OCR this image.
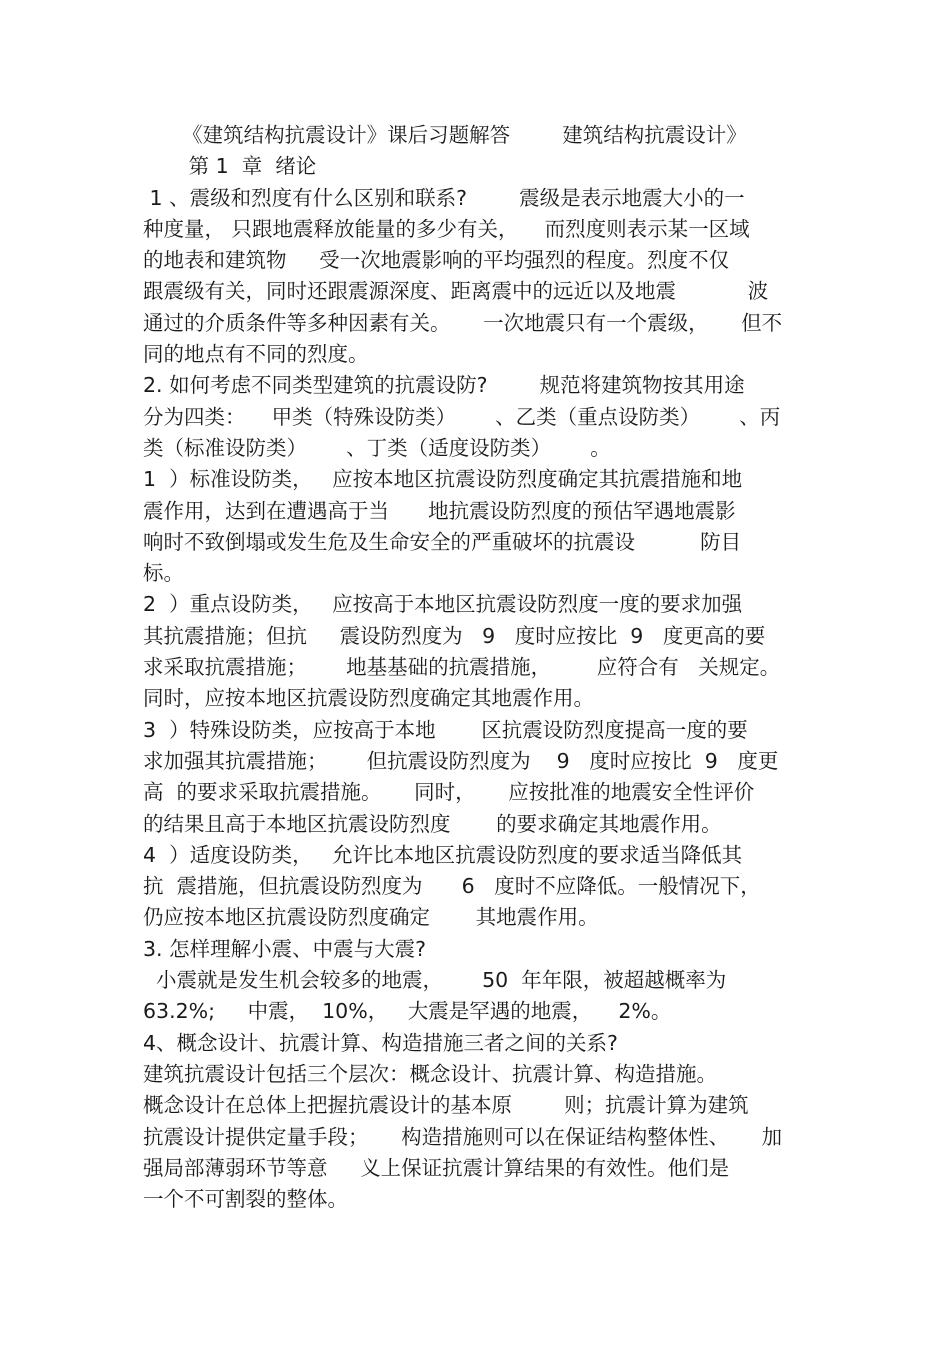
《建筑结构抗震设计》课后习题解答        建筑结构抗震设计》
第 1  章  绪论
1 、震级和烈度有什么区别和联系?        震级是表示地震大小的一
种度量， 只跟地震释放能量的多少有关，    而烈度则表示某一区域
的地表和建筑物     受一次地震影响的平均强烈的程度。烈度不仅
跟震级有关，同时还跟震源深度、距离震中的远近以及地震           波
通过的介质条件等多种因素有关。     一次地震只有一个震级，     但不
同的地点有不同的烈度。
2. 如何考虑不同类型建筑的抗震设防?        规范将建筑物按其用途
分为四类：    甲类（特殊设防类）      、乙类（重点设防类）      、丙
类（标准设防类）      、丁类（适度设防类）      。
1  ）标准设防类，   应按本地区抗震设防烈度确定其抗震措施和地
震作用，达到在遭遇高于当      地抗震设防烈度的预估罕遇地震影
响时不致倒塌或发生危及生命安全的严重破坏的抗震设          防目
标。
2  ）重点设防类，   应按高于本地区抗震设防烈度一度的要求加强
其抗震措施；但抗     震设防烈度为   9   度时应按比  9   度更高的要
求采取抗震措施；      地基基础的抗震措施，       应符合有   关规定。
同时，应按本地区抗震设防烈度确定其地震作用。
3  ）特殊设防类，应按高于本地       区抗震设防烈度提高一度的要
求加强其抗震措施；      但抗震设防烈度为    9   度时应按比  9   度更
高  的要求采取抗震措施。     同时，     应按批准的地震安全性评价
的结果且高于本地区抗震设防烈度       的要求确定其地震作用。
4  ）适度设防类，   允许比本地区抗震设防烈度的要求适当降低其
抗  震措施，但抗震设防烈度为      6   度时不应降低。一般情况下，
仍应按本地区抗震设防烈度确定       其地震作用。
3. 怎样理解小震、中震与大震?
小震就是发生机会较多的地震，      50  年年限，被超越概率为
63.2%;     中震，  10%，   大震是罕遇的地震，    2%。
4、概念设计、抗震计算、构造措施三者之间的关系?
建筑抗震设计包括三个层次：概念设计、抗震计算、构造措施。
概念设计在总体上把握抗震设计的基本原        则；抗震计算为建筑
抗震设计提供定量手段；     构造措施则可以在保证结构整体性、     加
强局部薄弱环节等意     义上保证抗震计算结果的有效性。他们是
一个不可割裂的整体。
